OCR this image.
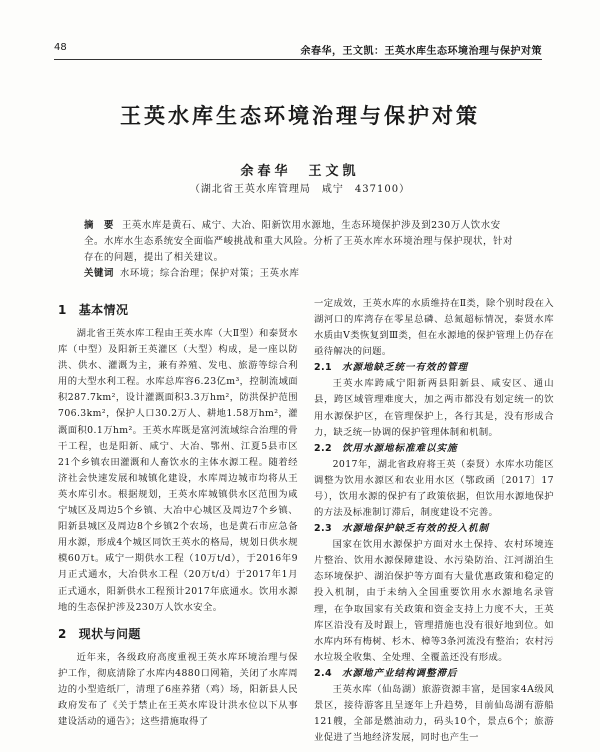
48	余春华，王文凯：王英水库生态环境治理与保护对策
王英水库生态环境治理与保护对策
余春华　王文凯
（湖北省王英水库管理局　咸宁　437100）
摘　要 王英水库是黄石、咸宁、大冶、阳新饮用水源地，生态环境保护涉及到230万人饮水安全。水库水生态系统安全面临严峻挑战和重大风险。分析了王英水库水环境治理与保护现状，针对存在的问题，提出了相关建议。
关键词 水环境；综合治理；保护对策；王英水库
1 基本情况

湖北省王英水库工程由王英水库（大Ⅱ型）和泰贤水库（中型）及阳新王英灌区（大型）构成，是一座以防洪、供水、灌溉为主，兼有养殖、发电、旅游等综合利用的大型水利工程。水库总库容6.23亿m³，控制流域面积287.7km²，设计灌溉面积3.3万hm²，防洪保护范围706.3km²，保护人口30.2万人、耕地1.58万hm²，灌溉面积0.1万hm²。王英水库既是富河流域综合治理的骨干工程，也是阳新、咸宁、大冶、鄂州、江夏5县市区21个乡镇农田灌溉和人畜饮水的主体水源工程。随着经济社会快速发展和城镇化建设，水库周边城市均将从王英水库引水。根据规划，王英水库城镇供水区范围为咸宁城区及周边5个乡镇、大冶中心城区及周边7个乡镇、阳新县城区及周边8个乡镇2个农场，也是黄石市应急备用水源，形成4个城区同饮王英水的格局，规划日供水规模60万t。咸宁一期供水工程（10万t/d），于2016年9月正式通水，大冶供水工程（20万t/d）于2017年1月正式通水，阳新供水工程预计2017年底通水。饮用水源地的生态保护涉及230万人饮水安全。

2 现状与问题

近年来，各级政府高度重视王英水库环境治理与保护工作，彻底清除了水库内4880口网箱，关闭了水库周边的小型造纸厂，清理了6座养猪（鸡）场，阳新县人民政府发布了《关于禁止在王英水库设计洪水位以下从事建设活动的通告》；这些措施取得了

一定成效，王英水库的水质维持在Ⅱ类，除个别时段在入湖河口的库湾存在零星总磷、总氮超标情况，泰贤水库水质由Ⅴ类恢复到Ⅲ类，但在水源地的保护管理上仍存在亟待解决的问题。

2.1 水源地缺乏统一有效的管理

王英水库跨咸宁阳新两县阳新县、咸安区、通山县，跨区域管理难度大，加之两市都没有划定统一的饮用水源保护区，在管理保护上，各行其是，没有形成合力，缺乏统一协调的保护管理体制和机制。

2.2 饮用水源地标准难以实施

2017年，湖北省政府将王英（泰贤）水库水功能区调整为饮用水源区和农业用水区（鄂政函〔2017〕17号），饮用水源的保护有了政策依据，但饮用水源地保护的方法及标准制订滞后，制度建设不完善。

2.3 水源地保护缺乏有效的投入机制

国家在饮用水源保护方面对水土保持、农村环境连片整治、饮用水源保障建设、水污染防治、江河湖泊生态环境保护、湖泊保护等方面有大量优惠政策和稳定的投入机制，由于未纳入全国重要饮用水水源地名录管理，在争取国家有关政策和资金支持上力度不大，王英库区沿没有及时跟上，管理措施也没有很好地到位。如水库内环有梅树、杉木、樟等3条河流没有整治；农村污水垃圾全收集、全处理、全覆盖还没有形成。

2.4 水源地产业结构调整滞后

王英水库（仙岛湖）旅游资源丰富，是国家4A级风景区，接待游客且呈逐年上升趋势，目前仙岛湖有游船121艘，全部是燃油动力，码头10个，景点6个；旅游业促进了当地经济发展，同时也产生一
